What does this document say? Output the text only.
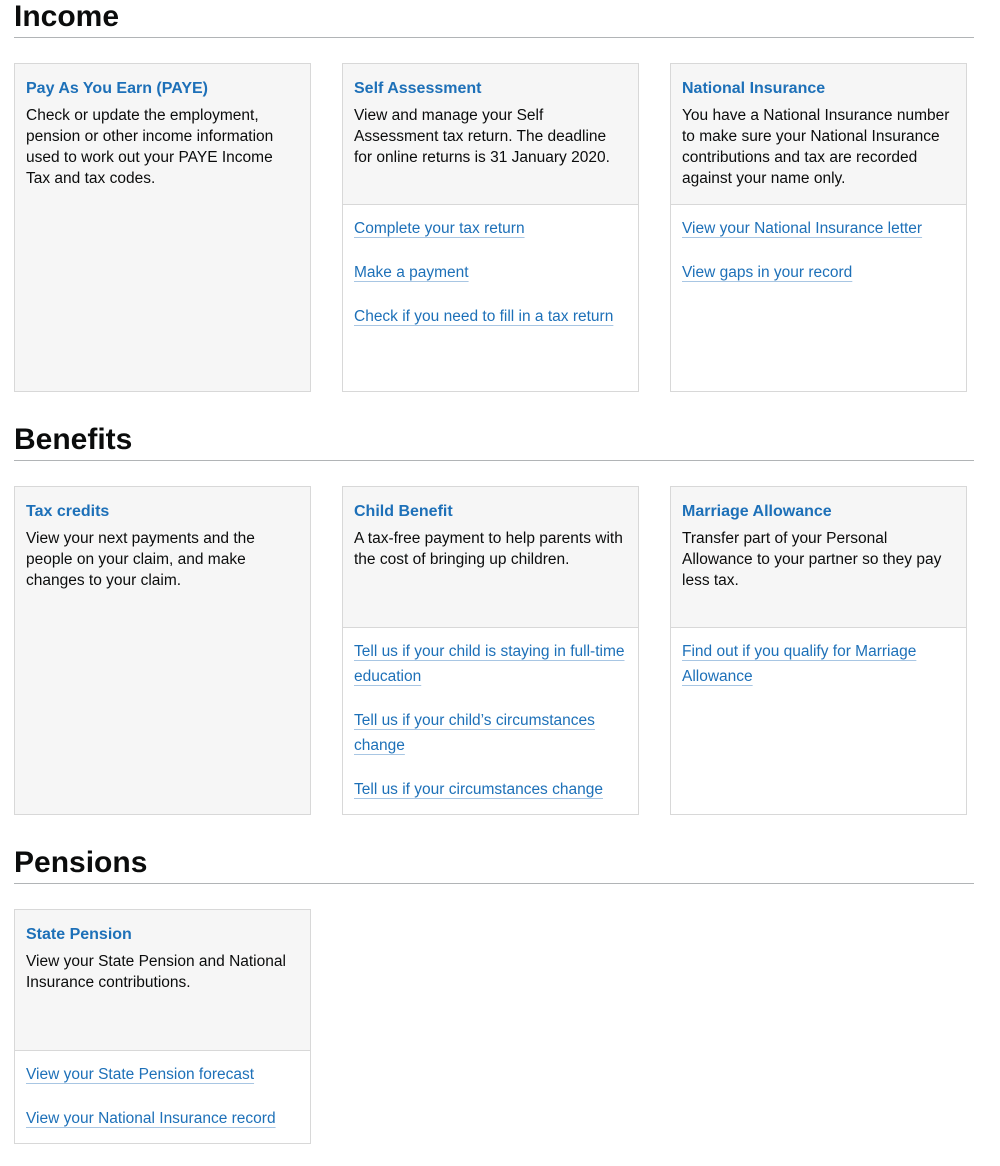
Income
Pay As You Earn (PAYE)

Check or update the employment, pension or other income information used to work out your PAYE Income Tax and tax codes.

Self Assessment

View and manage your Self Assessment tax return. The deadline for online returns is 31 January 2020.

Complete your tax return
Make a payment
Check if you need to fill in a tax return
National Insurance

You have a National Insurance number to make sure your National Insurance contributions and tax are recorded against your name only.

View your National Insurance letter
View gaps in your record
Benefits
Tax credits

View your next payments and the people on your claim, and make changes to your claim.

Child Benefit

A tax-free payment to help parents with the cost of bringing up children.

Tell us if your child is staying in full-time education
Tell us if your child’s circumstances change
Tell us if your circumstances change
Marriage Allowance

Transfer part of your Personal Allowance to your partner so they pay less tax.

Find out if you qualify for Marriage Allowance
Pensions
State Pension

View your State Pension and National Insurance contributions.

View your State Pension forecast
View your National Insurance record
